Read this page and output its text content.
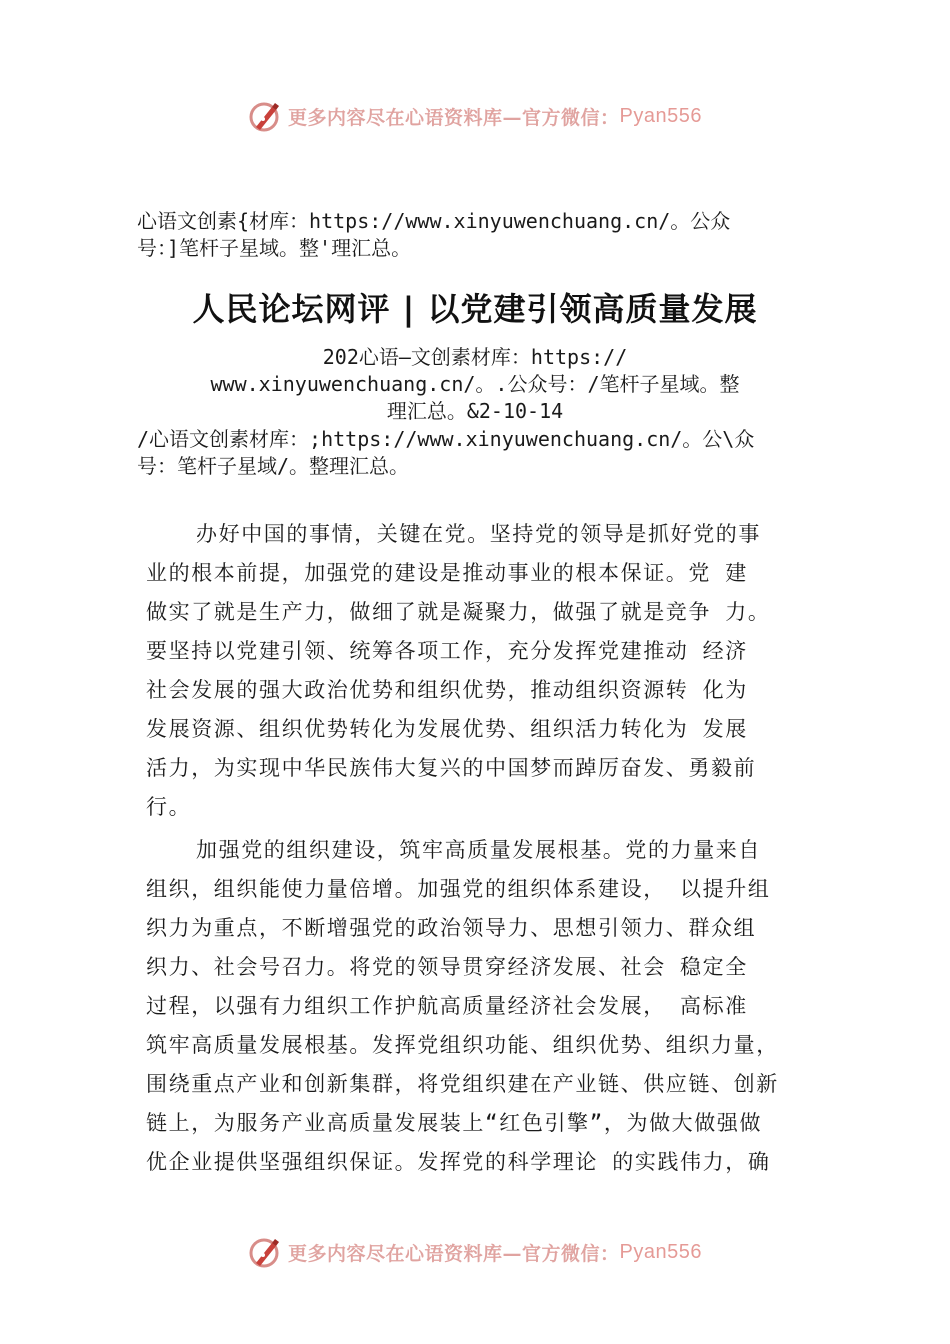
更多内容尽在心语资料库—官方微信： Pyan556
心语文创素{材库：https://www.xinyuwenchuang.cn/。公众
号：]笔杆子星域。整'理汇总。
人民论坛网评 | 以党建引领高质量发展
202心语—文创素材库：https://
www.xinyuwenchuang.cn/。.公众号：/笔杆子星域。整
理汇总。&2-10-14
/心语文创素材库：;https://www.xinyuwenchuang.cn/。公\众
号：笔杆子星域/。整理汇总。
办好中国的事情，关键在党。坚持党的领导是抓好党的事
业的根本前提，加强党的建设是推动事业的根本保证。党 建
做实了就是生产力，做细了就是凝聚力，做强了就是竞争 力。
要坚持以党建引领、统筹各项工作，充分发挥党建推动 经济
社会发展的强大政治优势和组织优势，推动组织资源转 化为
发展资源、组织优势转化为发展优势、组织活力转化为 发展
活力，为实现中华民族伟大复兴的中国梦而踔厉奋发、勇毅前
行。
加强党的组织建设，筑牢高质量发展根基。党的力量来自
组织，组织能使力量倍增。加强党的组织体系建设， 以提升组
织力为重点，不断增强党的政治领导力、思想引领力、群众组
织力、社会号召力。将党的领导贯穿经济发展、社会 稳定全
过程，以强有力组织工作护航高质量经济社会发展， 高标准
筑牢高质量发展根基。发挥党组织功能、组织优势、组织力量，
围绕重点产业和创新集群，将党组织建在产业链、供应链、创新
链上，为服务产业高质量发展装上“红色引擎”，为做大做强做
优企业提供坚强组织保证。发挥党的科学理论 的实践伟力，确
更多内容尽在心语资料库—官方微信： Pyan556
